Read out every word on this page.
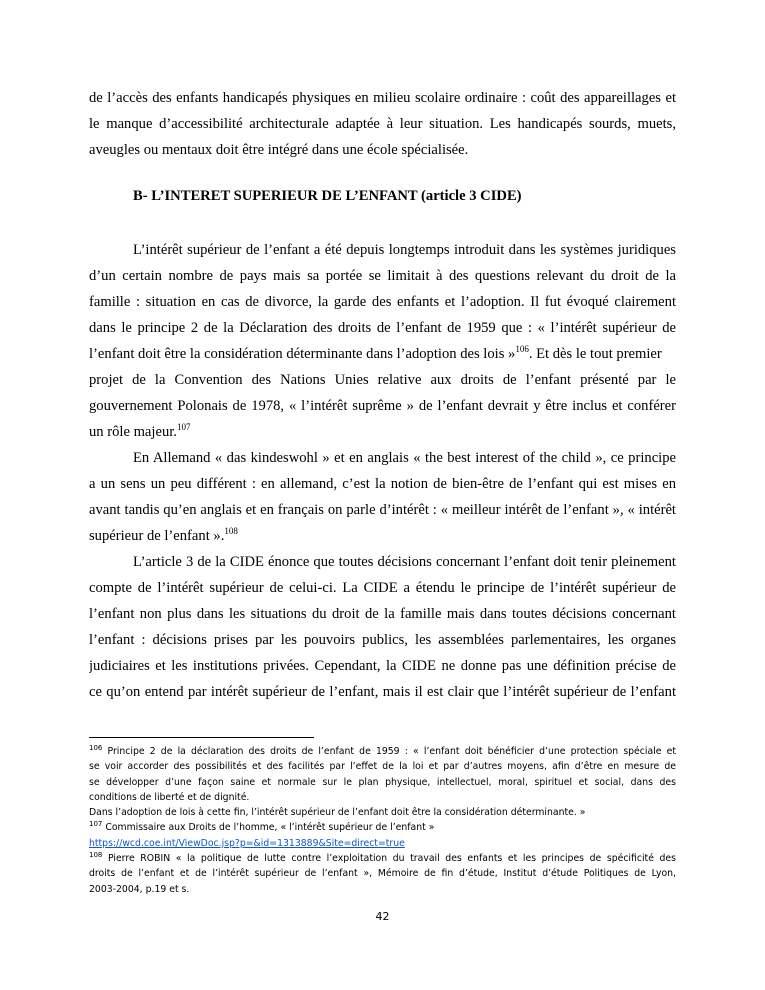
de l’accès des enfants handicapés physiques en milieu scolaire ordinaire : coût des appareillages et
le manque d’accessibilité architecturale adaptée à leur situation. Les handicapés sourds, muets,
aveugles ou mentaux doit être intégré dans une école spécialisée.
B- L’INTERET SUPERIEUR DE L’ENFANT (article 3 CIDE)
L’intérêt supérieur de l’enfant a été depuis longtemps introduit dans les systèmes juridiques
d’un certain nombre de pays mais sa portée se limitait à des questions relevant du droit de la
famille : situation en cas de divorce, la garde des enfants et l’adoption. Il fut évoqué clairement
dans le principe 2 de la Déclaration des droits de l’enfant de 1959 que : « l’intérêt supérieur de
l’enfant doit être la considération déterminante dans l’adoption des lois »$^{106}$. Et dès le tout premier
projet de la Convention des Nations Unies relative aux droits de l’enfant présenté par le
gouvernement Polonais de 1978, « l’intérêt suprême » de l’enfant devrait y être inclus et conférer
un rôle majeur.$^{107}$
En Allemand « das kindeswohl » et en anglais « the best interest of the child », ce principe
a un sens un peu différent : en allemand, c’est la notion de bien-être de l’enfant qui est mises en
avant tandis qu’en anglais et en français on parle d’intérêt : « meilleur intérêt de l’enfant », « intérêt
supérieur de l’enfant ».$^{108}$
L’article 3 de la CIDE énonce que toutes décisions concernant l’enfant doit tenir pleinement
compte de l’intérêt supérieur de celui-ci. La CIDE a étendu le principe de l’intérêt supérieur de
l’enfant non plus dans les situations du droit de la famille mais dans toutes décisions concernant
l’enfant : décisions prises par les pouvoirs publics, les assemblées parlementaires, les organes
judiciaires et les institutions privées. Cependant, la CIDE ne donne pas une définition précise de
ce qu’on entend par intérêt supérieur de l’enfant, mais il est clair que l’intérêt supérieur de l’enfant
$^{106}$ Principe 2 de la déclaration des droits de l’enfant de 1959 : « l’enfant doit bénéficier d’une protection spéciale et
se voir accorder des possibilités et des facilités par l’effet de la loi et par d’autres moyens, afin d’être en mesure de
se développer d’une façon saine et normale sur le plan physique, intellectuel, moral, spirituel et social, dans des
conditions de liberté et de dignité.
Dans l’adoption de lois à cette fin, l’intérêt supérieur de l’enfant doit être la considération déterminante. »
$^{107}$ Commissaire aux Droits de l’homme, « l’intérêt supérieur de l’enfant »
https://wcd.coe.int/ViewDoc.jsp?p=&id=1313889&Site=direct=true
$^{108}$ Pierre ROBIN « la politique de lutte contre l’exploitation du travail des enfants et les principes de spécificité des
droits de l’enfant et de l’intérêt supérieur de l’enfant », Mémoire de fin d’étude, Institut d’étude Politiques de Lyon,
2003-2004, p.19 et s.
42
